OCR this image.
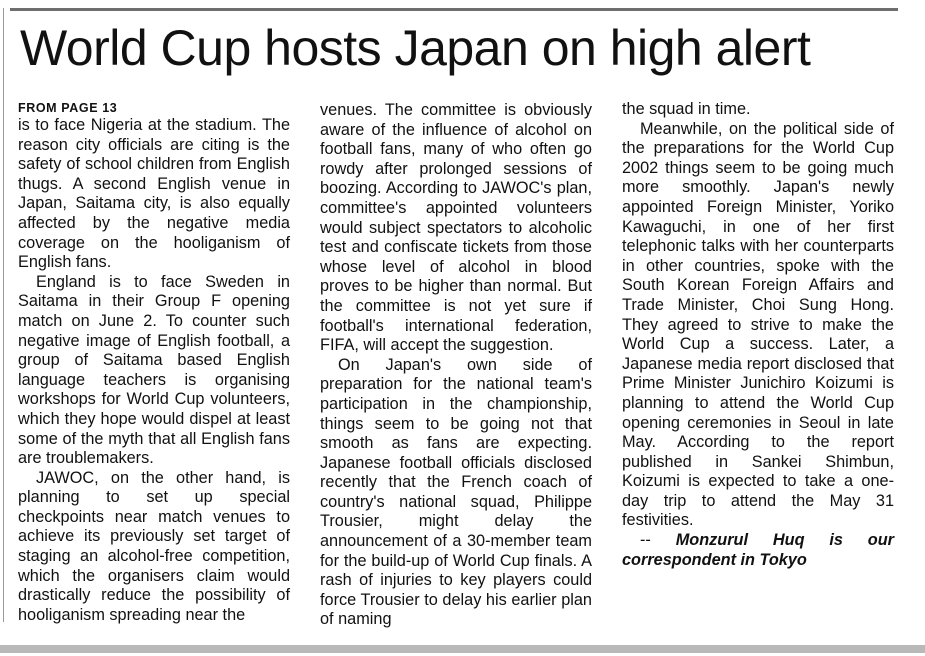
World Cup hosts Japan on high alert
FROM PAGE 13

is to face Nigeria at the stadium. The reason city officials are citing is the safety of school children from English thugs. A second English venue in Japan, Saitama city, is also equally affected by the negative media coverage on the hooliganism of English fans.

England is to face Sweden in Saitama in their Group F opening match on June 2. To counter such negative image of English football, a group of Saitama based English language teachers is organising workshops for World Cup volunteers, which they hope would dispel at least some of the myth that all English fans are troublemakers.

JAWOC, on the other hand, is planning to set up special checkpoints near match venues to achieve its previously set target of staging an alcohol-free competition, which the organisers claim would drastically reduce the possibility of hooliganism spreading near the

venues. The committee is obviously aware of the influence of alcohol on football fans, many of who often go rowdy after prolonged sessions of boozing. According to JAWOC's plan, committee's appointed volunteers would subject spectators to alcoholic test and confiscate tickets from those whose level of alcohol in blood proves to be higher than normal. But the committee is not yet sure if football's international federation, FIFA, will accept the suggestion.

On Japan's own side of preparation for the national team's participation in the championship, things seem to be going not that smooth as fans are expecting. Japanese football officials disclosed recently that the French coach of country's national squad, Philippe Trousier, might delay the announcement of a 30-member team for the build-up of World Cup finals. A rash of injuries to key players could force Trousier to delay his earlier plan of naming

the squad in time.

Meanwhile, on the political side of the preparations for the World Cup 2002 things seem to be going much more smoothly. Japan's newly appointed Foreign Minister, Yoriko Kawaguchi, in one of her first telephonic talks with her counterparts in other countries, spoke with the South Korean Foreign Affairs and Trade Minister, Choi Sung Hong. They agreed to strive to make the World Cup a success. Later, a Japanese media report disclosed that Prime Minister Junichiro Koizumi is planning to attend the World Cup opening ceremonies in Seoul in late May. According to the report published in Sankei Shimbun, Koizumi is expected to take a one-day trip to attend the May 31 festivities.

-- Monzurul Huq is our correspondent in Tokyo
